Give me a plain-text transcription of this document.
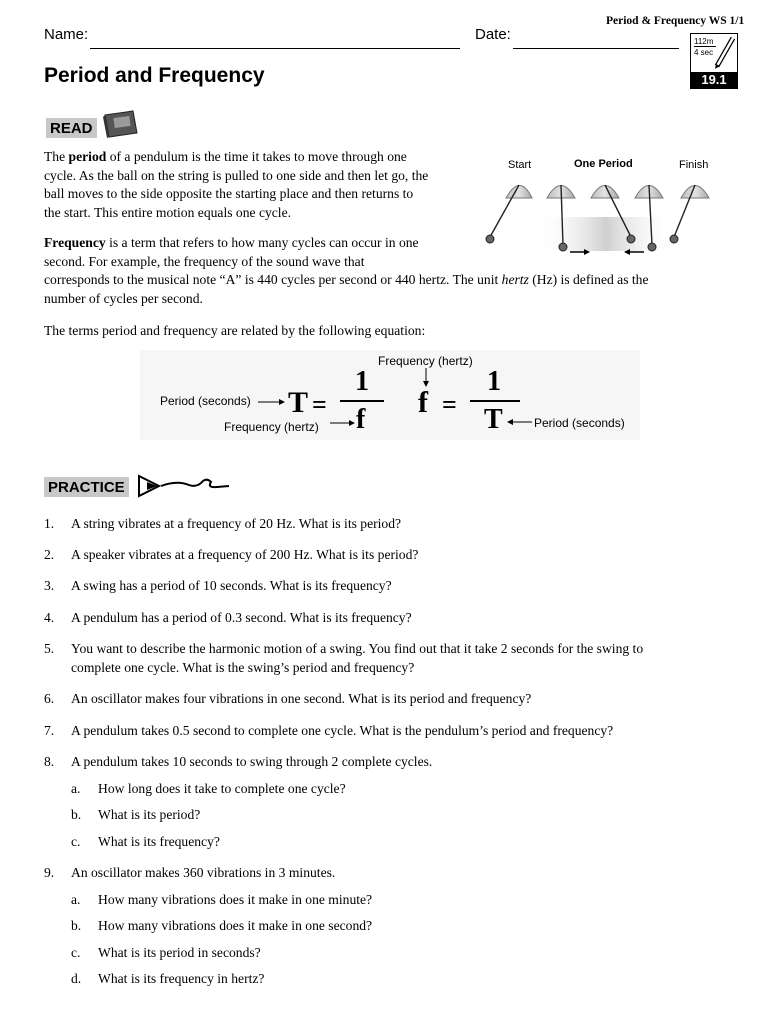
Name:	Date:
Period & Frequency WS 1/1
112m
4 sec
19.1
Period and Frequency
READ
The period of a pendulum is the time it takes to move through one
cycle. As the ball on the string is pulled to one side and then let go, the
ball moves to the side opposite the starting place and then returns to
the start. This entire motion equals one cycle.
Frequency is a term that refers to how many cycles can occur in one
second. For example, the frequency of the sound wave that
corresponds to the musical note “A” is 440 cycles per second or 440 hertz. The unit hertz (Hz) is defined as the
number of cycles per second.
The terms period and frequency are related by the following equation:
Start	One Period	Finish
Period (seconds)
Frequency (hertz)
T =
1
f
Frequency (hertz)
f =
1
T	Period (seconds)
PRACTICE
1. A string vibrates at a frequency of 20 Hz. What is its period?
2. A speaker vibrates at a frequency of 200 Hz. What is its period?
3. A swing has a period of 10 seconds. What is its frequency?
4. A pendulum has a period of 0.3 second. What is its frequency?
5. You want to describe the harmonic motion of a swing. You find out that it take 2 seconds for the swing to
complete one cycle. What is the swing’s period and frequency?
6. An oscillator makes four vibrations in one second. What is its period and frequency?
7. A pendulum takes 0.5 second to complete one cycle. What is the pendulum’s period and frequency?
8. A pendulum takes 10 seconds to swing through 2 complete cycles.
a. How long does it take to complete one cycle?
b. What is its period?
c. What is its frequency?
9. An oscillator makes 360 vibrations in 3 minutes.
a. How many vibrations does it make in one minute?
b. How many vibrations does it make in one second?
c. What is its period in seconds?
d. What is its frequency in hertz?
